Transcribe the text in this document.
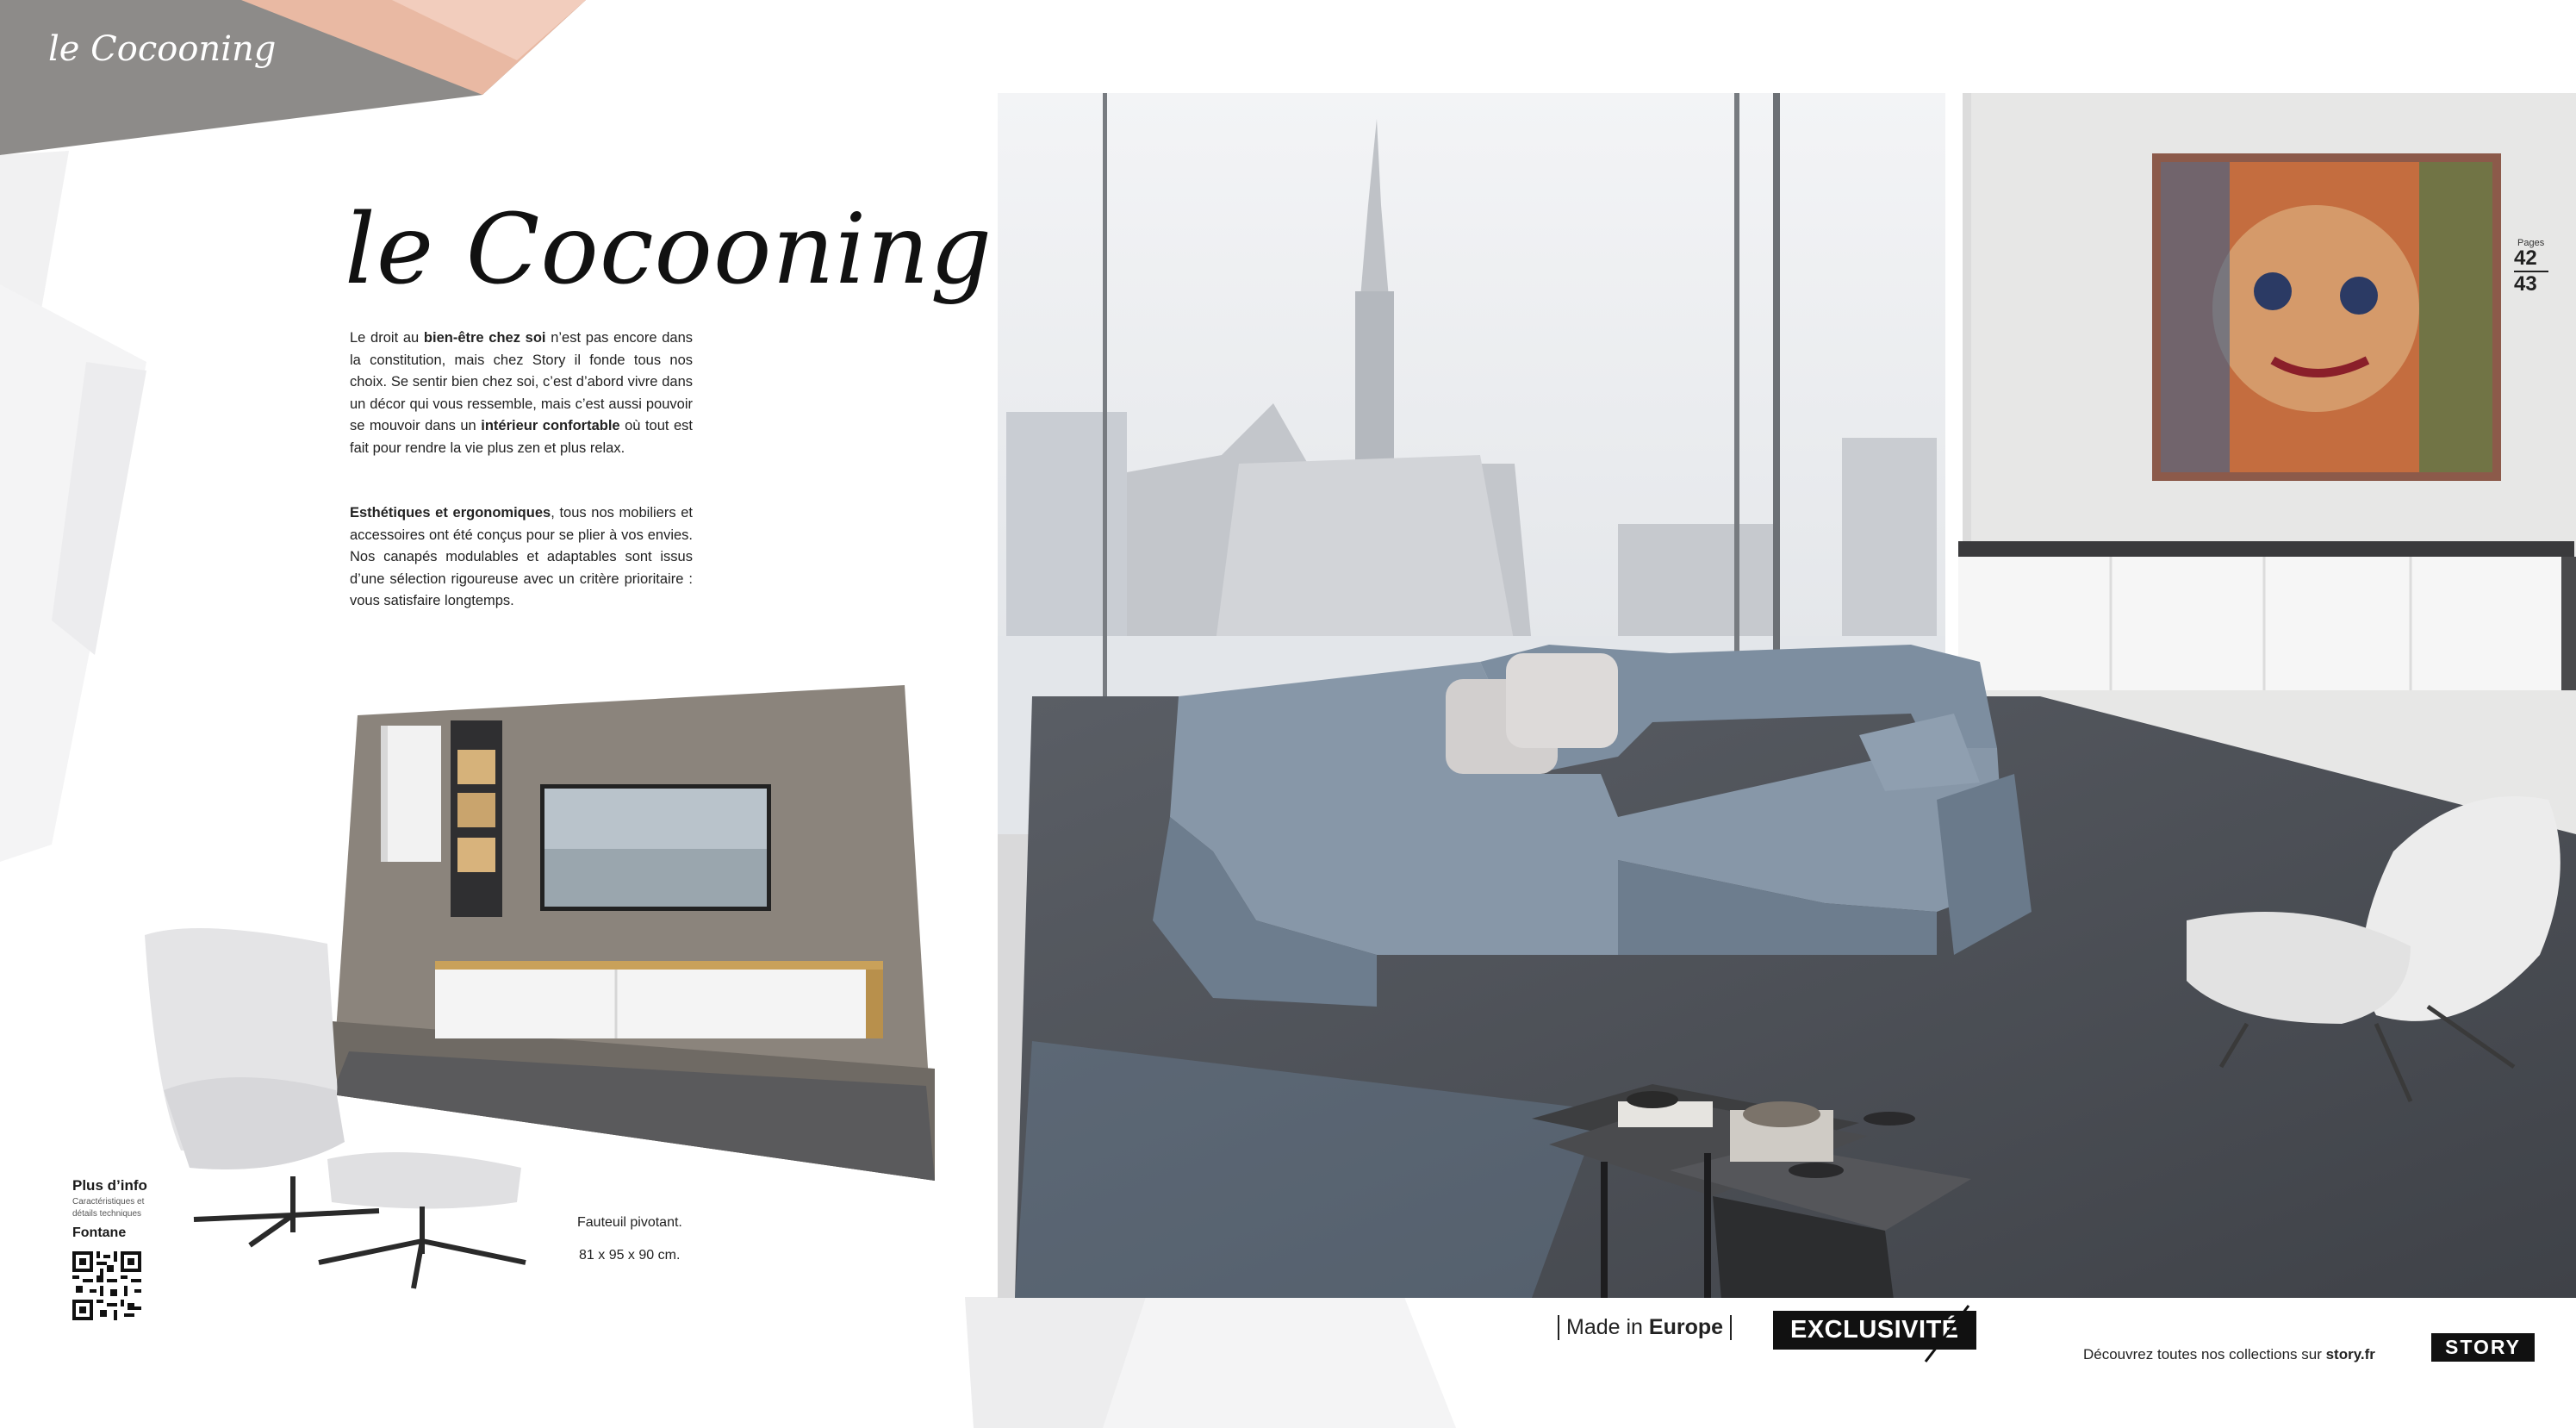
le Cocooning
le Cocooning
Le droit au bien-être chez soi n’est pas encore dans la constitution, mais chez Story il fonde tous nos choix. Se sentir bien chez soi, c’est d’abord vivre dans un décor qui vous ressemble, mais c’est aussi pouvoir se mouvoir dans un intérieur confortable où tout est fait pour rendre la vie plus zen et plus relax.
Esthétiques et ergonomiques, tous nos mobiliers et accessoires ont été conçus pour se plier à vos envies. Nos canapés modulables et adaptables sont issus d’une sélection rigoureuse avec un critère prioritaire : vous satisfaire longtemps.
Plus d’info
Caractéristiques et détails techniques
Fontane
Fauteuil pivotant.
81 x 95 x 90 cm.
Pages
42
43
Made in Europe	EXCLUSIVITÉ
Découvrez toutes nos collections sur story.fr	STORY
